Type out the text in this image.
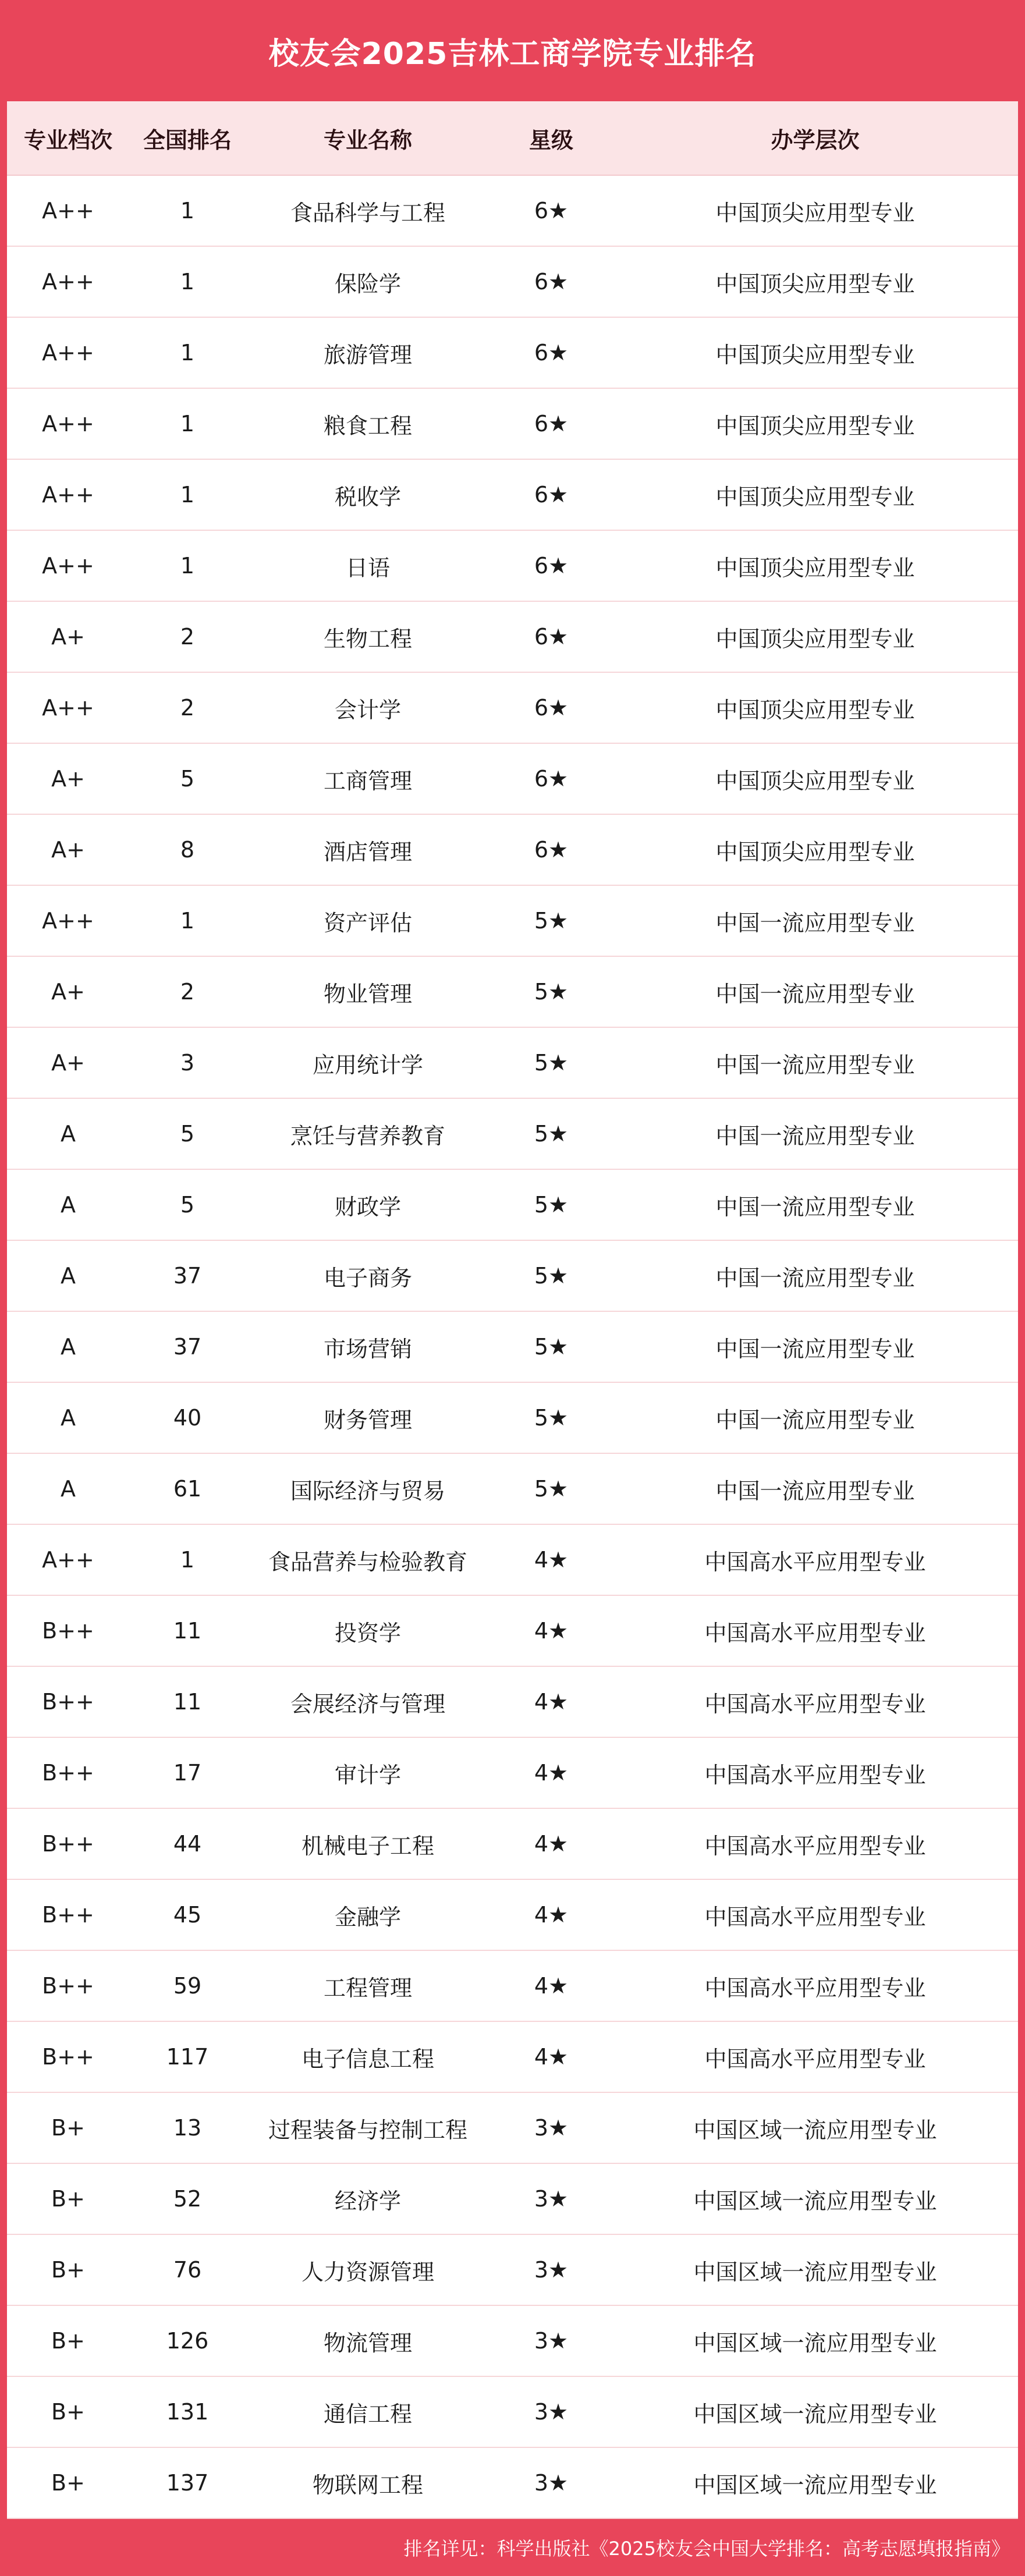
校友会2025吉林工商学院专业排名
专业档次	全国排名	专业名称	星级	办学层次
A++	1	食品科学与工程	6★	中国顶尖应用型专业
A++	1	保险学	6★	中国顶尖应用型专业
A++	1	旅游管理	6★	中国顶尖应用型专业
A++	1	粮食工程	6★	中国顶尖应用型专业
A++	1	税收学	6★	中国顶尖应用型专业
A++	1	日语	6★	中国顶尖应用型专业
A+	2	生物工程	6★	中国顶尖应用型专业
A++	2	会计学	6★	中国顶尖应用型专业
A+	5	工商管理	6★	中国顶尖应用型专业
A+	8	酒店管理	6★	中国顶尖应用型专业
A++	1	资产评估	5★	中国一流应用型专业
A+	2	物业管理	5★	中国一流应用型专业
A+	3	应用统计学	5★	中国一流应用型专业
A	5	烹饪与营养教育	5★	中国一流应用型专业
A	5	财政学	5★	中国一流应用型专业
A	37	电子商务	5★	中国一流应用型专业
A	37	市场营销	5★	中国一流应用型专业
A	40	财务管理	5★	中国一流应用型专业
A	61	国际经济与贸易	5★	中国一流应用型专业
A++	1	食品营养与检验教育	4★	中国高水平应用型专业
B++	11	投资学	4★	中国高水平应用型专业
B++	11	会展经济与管理	4★	中国高水平应用型专业
B++	17	审计学	4★	中国高水平应用型专业
B++	44	机械电子工程	4★	中国高水平应用型专业
B++	45	金融学	4★	中国高水平应用型专业
B++	59	工程管理	4★	中国高水平应用型专业
B++	117	电子信息工程	4★	中国高水平应用型专业
B+	13	过程装备与控制工程	3★	中国区域一流应用型专业
B+	52	经济学	3★	中国区域一流应用型专业
B+	76	人力资源管理	3★	中国区域一流应用型专业
B+	126	物流管理	3★	中国区域一流应用型专业
B+	131	通信工程	3★	中国区域一流应用型专业
B+	137	物联网工程	3★	中国区域一流应用型专业
排名详见：科学出版社《2025校友会中国大学排名：高考志愿填报指南》
